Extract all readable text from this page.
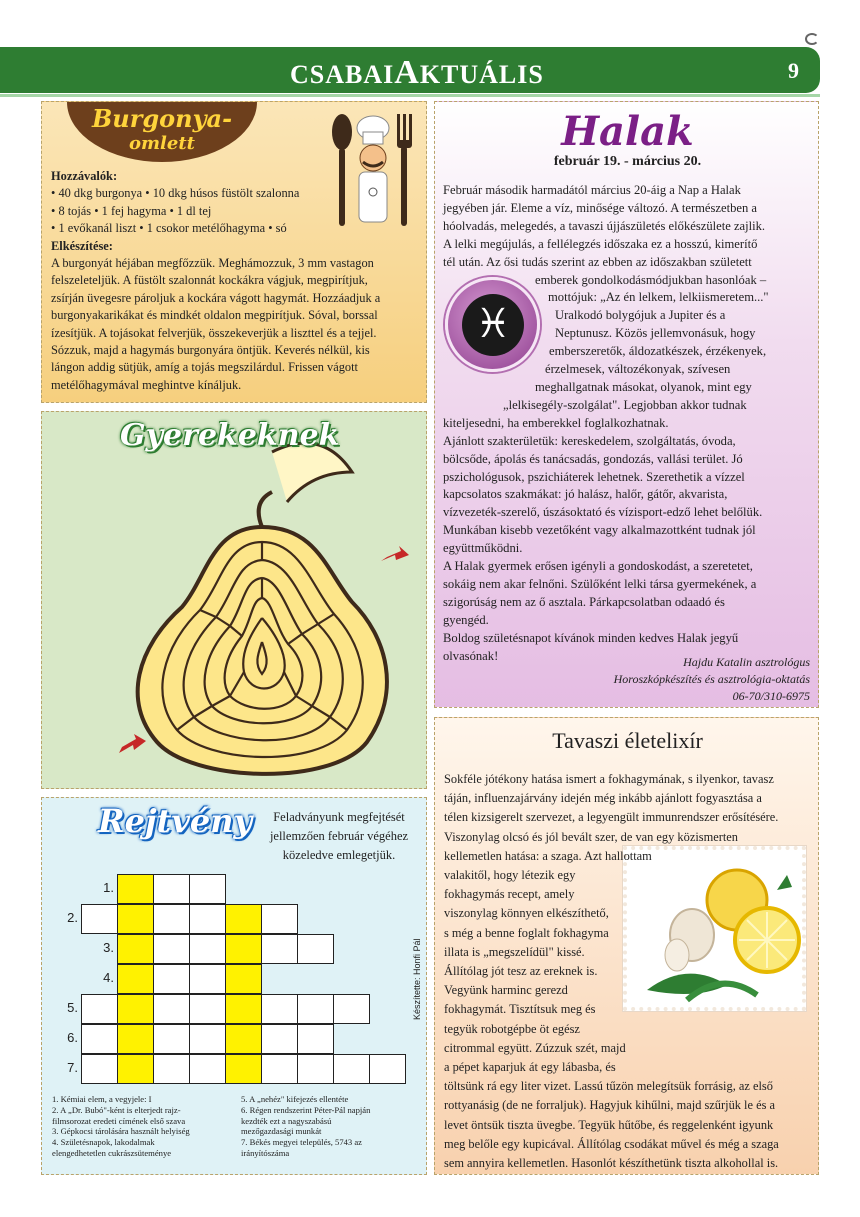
CSABAIAKTUÁLIS	9
Burgonya-
omlett
Hozzávalók:
• 40 dkg burgonya • 10 dkg húsos füstölt szalonna
• 8 tojás • 1 fej hagyma • 1 dl tej
• 1 evőkanál liszt • 1 csokor metélőhagyma • só
Elkészítése:
A burgonyát héjában megfőzzük. Meghámozzuk, 3 mm vastagon
felszeleteljük. A füstölt szalonnát kockákra vágjuk, megpirítjuk,
zsírján üvegesre pároljuk a kockára vágott hagymát. Hozzáadjuk a
burgonyakarikákat és mindkét oldalon megpirítjuk. Sóval, borssal
ízesítjük. A tojásokat felverjük, összekeverjük a liszttel és a tejjel.
Sózzuk, majd a hagymás burgonyára öntjük. Keverés nélkül, kis
lángon addig sütjük, amíg a tojás megszilárdul. Frissen vágott
metélőhagymával meghintve kínáljuk.
Gyerekeknek
Rejtvény	Feladványunk megfejtését jellemzően február végéhez közeledve emlegetjük.
1.
2.
3.
4.
5.
6.
7.
Készítette: Honfi Pál
1. Kémiai elem, a vegyjele: I
2. A „Dr. Bubó"-ként is elterjedt rajz-
filmsorozat eredeti címének első szava
3. Gépkocsi tárolására használt helyiség
4. Születésnapok, lakodalmak
elengedhetetlen cukrászsüteménye
5. A „nehéz" kifejezés ellentéte
6. Régen rendszerint Péter-Pál napján
kezdték ezt a nagyszabású
mezőgazdasági munkát
7. Békés megyei település, 5743 az
irányítószáma
Halak
február 19. - március 20.
♓
Február második harmadától március 20-áig a Nap a Halak
jegyében jár. Eleme a víz, minősége változó. A természetben a
hóolvadás, melegedés, a tavaszi újjászületés előkészülete zajlik.
A lelki megújulás, a fellélegzés időszaka ez a hosszú, kimerítő
tél után. Az ősi tudás szerint az ebben az időszakban született
emberek gondolkodásmódjukban hasonlóak –
mottójuk: „Az én lelkem, lelkiismeretem..."
Uralkodó bolygójuk a Jupiter és a
Neptunusz. Közös jellemvonásuk, hogy
emberszeretők, áldozatkészek, érzékenyek,
érzelmesek, változékonyak, szívesen
meghallgatnak másokat, olyanok, mint egy
„lelkisegély-szolgálat". Legjobban akkor tudnak
kiteljesedni, ha emberekkel foglalkozhatnak.
Ajánlott szakterületük: kereskedelem, szolgáltatás, óvoda,
bölcsőde, ápolás és tanácsadás, gondozás, vallási terület. Jó
pszichológusok, pszichiáterek lehetnek. Szerethetik a vízzel
kapcsolatos szakmákat: jó halász, halőr, gátőr, akvarista,
vízvezeték-szerelő, úszásoktató és vízisport-edző lehet belőlük.
Munkában kisebb vezetőként vagy alkalmazottként tudnak jól
együttműködni.
A Halak gyermek erősen igényli a gondoskodást, a szeretetet,
sokáig nem akar felnőni. Szülőként lelki társa gyermekének, a
szigorúság nem az ő asztala. Párkapcsolatban odaadó és
gyengéd.
Boldog születésnapot kívánok minden kedves Halak jegyű
olvasónak!	Hajdu Katalin asztrológus
Horoszkópkészítés és asztrológia-oktatás
06-70/310-6975
Tavaszi életelixír
Sokféle jótékony hatása ismert a fokhagymának, s ilyenkor, tavasz
táján, influenzajárvány idején még inkább ajánlott fogyasztása a
télen kizsigerelt szervezet, a legyengült immunrendszer erősítésére.
Viszonylag olcsó és jól bevált szer, de van egy közismerten
kellemetlen hatása: a szaga. Azt hallottam
valakitől, hogy létezik egy
fokhagymás recept, amely
viszonylag könnyen elkészíthető,
s még a benne foglalt fokhagyma
illata is „megszelídül" kissé.
Állítólag jót tesz az ereknek is.
Vegyünk harminc gerezd
fokhagymát. Tisztítsuk meg és
tegyük robotgépbe öt egész
citrommal együtt. Zúzzuk szét, majd
a pépet kaparjuk át egy lábasba, és
töltsünk rá egy liter vizet. Lassú tűzön melegítsük forrásig, az első
rottyanásig (de ne forraljuk). Hagyjuk kihűlni, majd szűrjük le és a
levet öntsük tiszta üvegbe. Tegyük hűtőbe, és reggelenként igyunk
meg belőle egy kupicával. Állítólag csodákat művel és még a szaga
sem annyira kellemetlen. Hasonlót készíthetünk tiszta alkohollal is.
